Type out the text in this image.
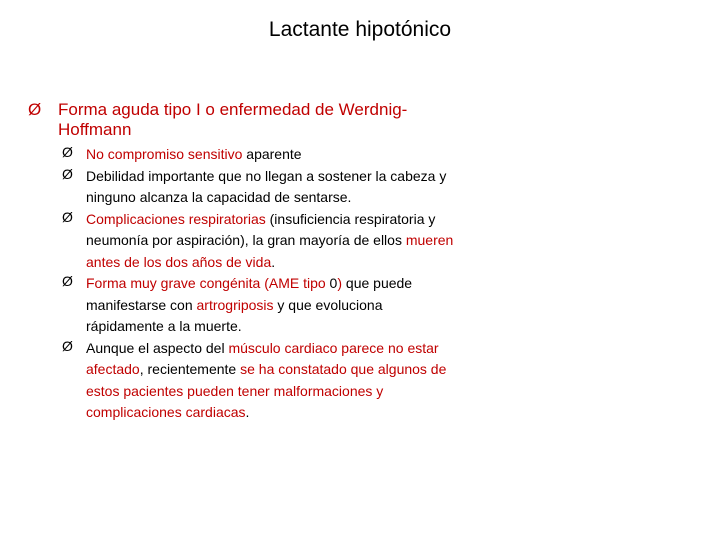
Lactante hipotónico
Ø Forma aguda tipo I o enfermedad de Werdnig-Hoffmann
Ø No compromiso sensitivo aparente
Ø Debilidad importante que no llegan a sostener la cabeza y ninguno alcanza la capacidad de sentarse.
Ø Complicaciones respiratorias (insuficiencia respiratoria y neumonía por aspiración), la gran mayoría de ellos mueren antes de los dos años de vida.
Ø Forma muy grave congénita (AME tipo 0) que puede manifestarse con artrogriposis y que evoluciona rápidamente a la muerte.
Ø Aunque el aspecto del músculo cardiaco parece no estar afectado, recientemente se ha constatado que algunos de estos pacientes pueden tener malformaciones y complicaciones cardiacas.
